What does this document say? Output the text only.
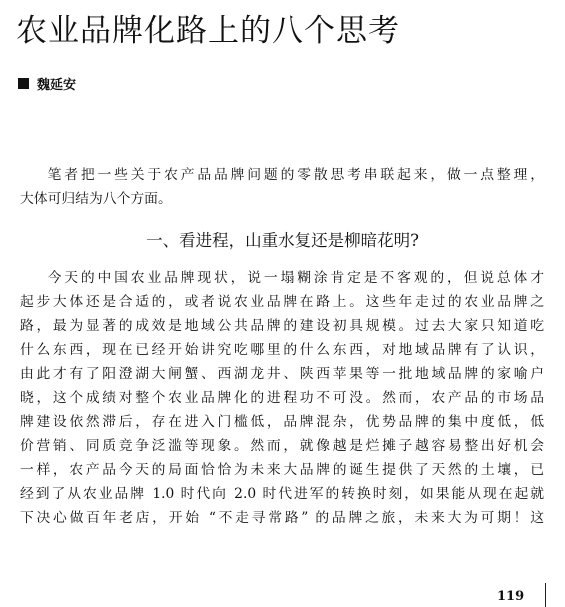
农业品牌化路上的八个思考
魏延安
笔者把一些关于农产品品牌问题的零散思考串联起来，做一点整理，
大体可归结为八个方面。
一、看进程，山重水复还是柳暗花明?
今天的中国农业品牌现状，说一塌糊涂肯定是不客观的，但说总体才
起步大体还是合适的，或者说农业品牌在路上。这些年走过的农业品牌之
路，最为显著的成效是地域公共品牌的建设初具规模。过去大家只知道吃
什么东西，现在已经开始讲究吃哪里的什么东西，对地域品牌有了认识，
由此才有了阳澄湖大闸蟹、西湖龙井、陕西苹果等一批地域品牌的家喻户
晓，这个成绩对整个农业品牌化的进程功不可没。然而，农产品的市场品
牌建设依然滞后，存在进入门槛低，品牌混杂，优势品牌的集中度低，低
价营销、同质竞争泛滥等现象。然而，就像越是烂摊子越容易整出好机会
一样，农产品今天的局面恰恰为未来大品牌的诞生提供了天然的土壤，已
经到了从农业品牌 1.0 时代向 2.0 时代进军的转换时刻，如果能从现在起就
下决心做百年老店，开始 “不走寻常路” 的品牌之旅，未来大为可期！这
119
